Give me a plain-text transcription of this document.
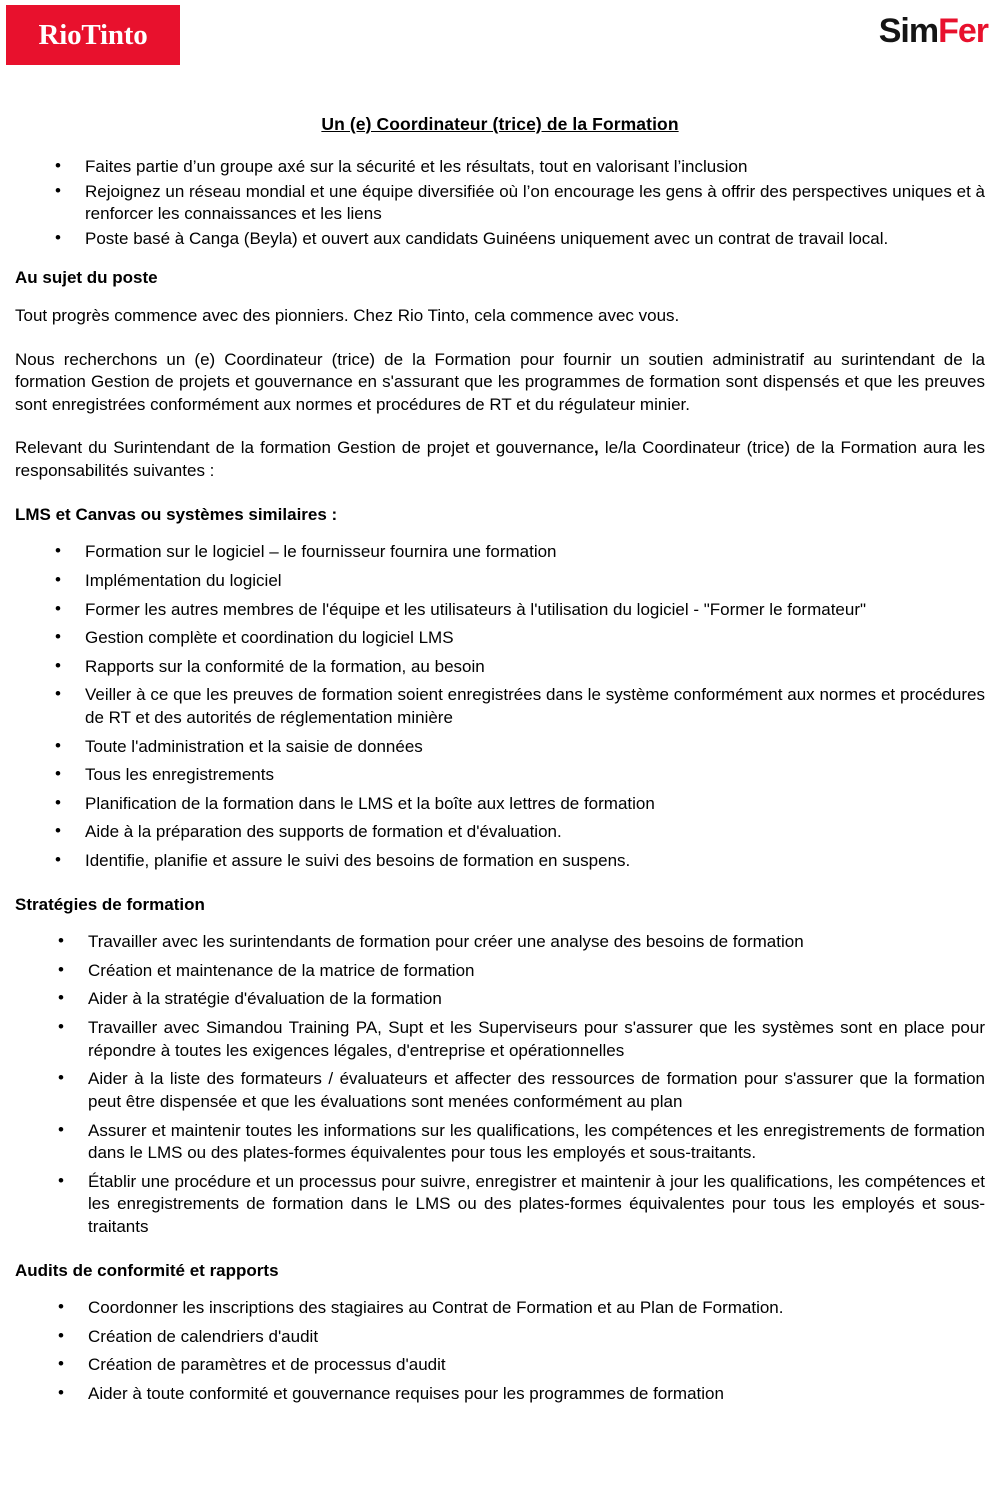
RioTinto	SimFer
Un (e) Coordinateur (trice) de la Formation
• Faites partie d’un groupe axé sur la sécurité et les résultats, tout en valorisant l’inclusion
• Rejoignez un réseau mondial et une équipe diversifiée où l’on encourage les gens à offrir des perspectives uniques et à renforcer les connaissances et les liens
• Poste basé à Canga (Beyla) et ouvert aux candidats Guinéens uniquement avec un contrat de travail local.

Au sujet du poste

Tout progrès commence avec des pionniers. Chez Rio Tinto, cela commence avec vous.

Nous recherchons un (e) Coordinateur (trice) de la Formation pour fournir un soutien administratif au surintendant de la formation Gestion de projets et gouvernance en s'assurant que les programmes de formation sont dispensés et que les preuves sont enregistrées conformément aux normes et procédures de RT et du régulateur minier.

Relevant du Surintendant de la formation Gestion de projet et gouvernance, le/la Coordinateur (trice) de la Formation aura les responsabilités suivantes :

LMS et Canvas ou systèmes similaires :

• Formation sur le logiciel – le fournisseur fournira une formation
• Implémentation du logiciel
• Former les autres membres de l'équipe et les utilisateurs à l'utilisation du logiciel - "Former le formateur"
• Gestion complète et coordination du logiciel LMS
• Rapports sur la conformité de la formation, au besoin
• Veiller à ce que les preuves de formation soient enregistrées dans le système conformément aux normes et procédures de RT et des autorités de réglementation minière
• Toute l'administration et la saisie de données
• Tous les enregistrements
• Planification de la formation dans le LMS et la boîte aux lettres de formation
• Aide à la préparation des supports de formation et d'évaluation.
• Identifie, planifie et assure le suivi des besoins de formation en suspens.

Stratégies de formation

• Travailler avec les surintendants de formation pour créer une analyse des besoins de formation
• Création et maintenance de la matrice de formation
• Aider à la stratégie d'évaluation de la formation
• Travailler avec Simandou Training PA, Supt et les Superviseurs pour s'assurer que les systèmes sont en place pour répondre à toutes les exigences légales, d'entreprise et opérationnelles
• Aider à la liste des formateurs / évaluateurs et affecter des ressources de formation pour s'assurer que la formation peut être dispensée et que les évaluations sont menées conformément au plan
• Assurer et maintenir toutes les informations sur les qualifications, les compétences et les enregistrements de formation dans le LMS ou des plates-formes équivalentes pour tous les employés et sous-traitants.
• Établir une procédure et un processus pour suivre, enregistrer et maintenir à jour les qualifications, les compétences et les enregistrements de formation dans le LMS ou des plates-formes équivalentes pour tous les employés et sous-traitants

Audits de conformité et rapports

• Coordonner les inscriptions des stagiaires au Contrat de Formation et au Plan de Formation.
• Création de calendriers d'audit
• Création de paramètres et de processus d'audit
• Aider à toute conformité et gouvernance requises pour les programmes de formation
